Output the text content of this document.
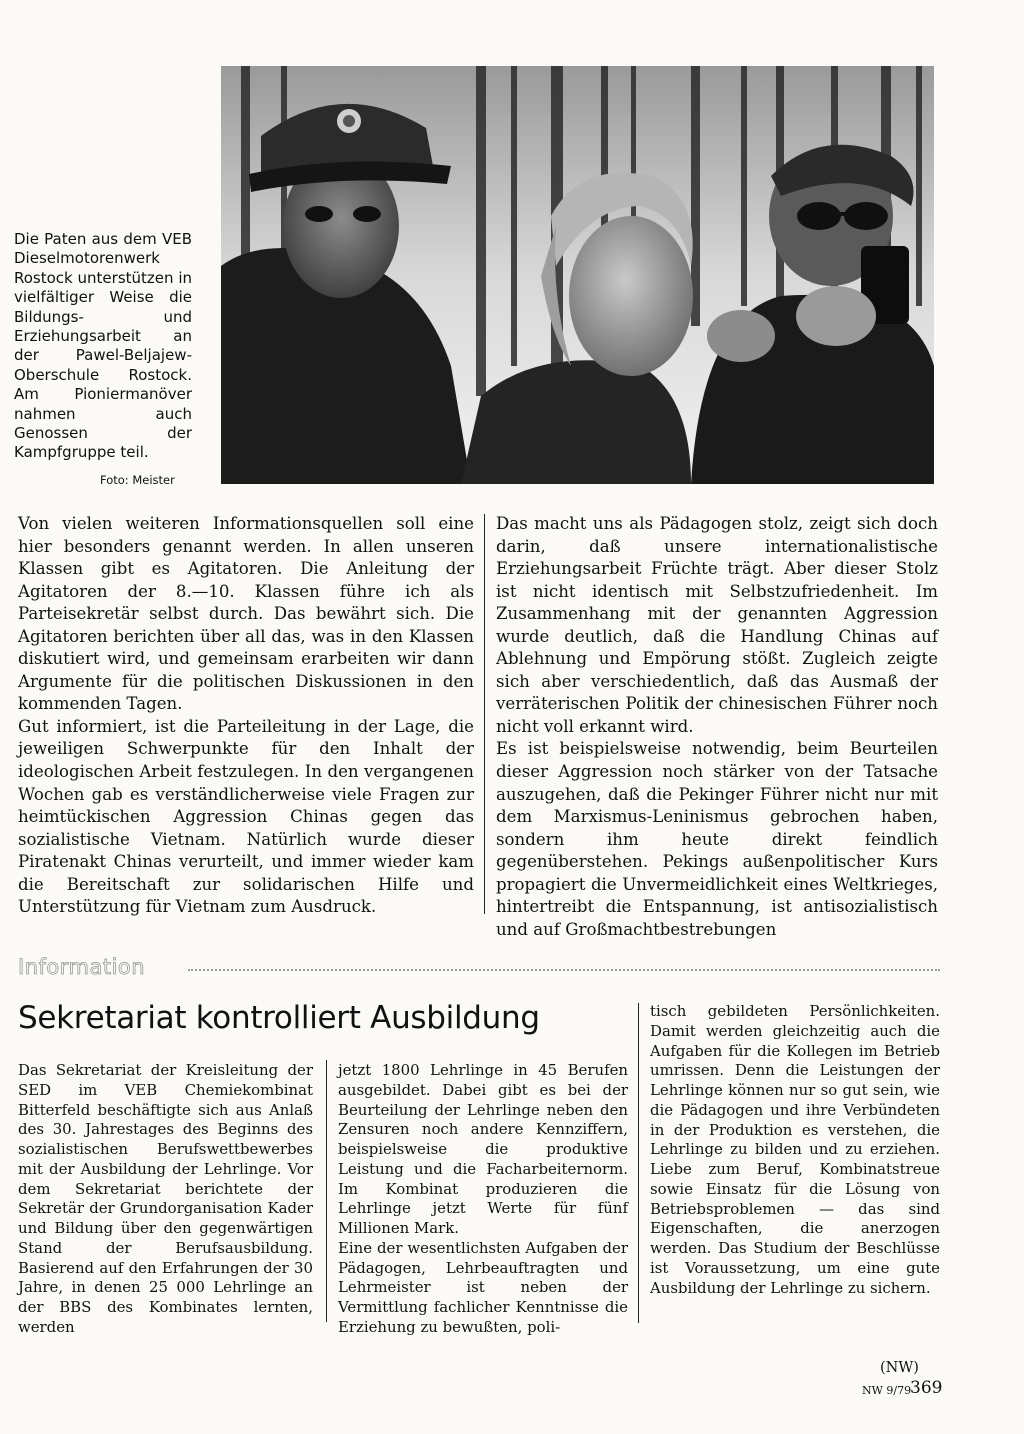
Die Paten aus dem VEB Dieselmotorenwerk Rostock unterstützen in vielfältiger Weise die Bildungs- und Erziehungsarbeit an der Pawel-Beljajew-Oberschule Rostock. Am Pioniermanöver nahmen auch Genossen der Kampfgruppe teil.
Foto: Meister

Von vielen weiteren Informationsquellen soll eine hier besonders genannt werden. In allen unseren Klassen gibt es Agitatoren. Die Anleitung der Agitatoren der 8.—10. Klassen führe ich als Parteisekretär selbst durch. Das bewährt sich. Die Agitatoren berichten über all das, was in den Klassen diskutiert wird, und gemeinsam erarbeiten wir dann Argumente für die politischen Diskussionen in den kommenden Tagen.

Gut informiert, ist die Parteileitung in der Lage, die jeweiligen Schwerpunkte für den Inhalt der ideologischen Arbeit festzulegen. In den vergangenen Wochen gab es verständlicherweise viele Fragen zur heimtückischen Aggression Chinas gegen das sozialistische Vietnam. Natürlich wurde dieser Piratenakt Chinas verurteilt, und immer wieder kam die Bereitschaft zur solidarischen Hilfe und Unterstützung für Vietnam zum Ausdruck.

Das macht uns als Pädagogen stolz, zeigt sich doch darin, daß unsere internationalistische Erziehungsarbeit Früchte trägt. Aber dieser Stolz ist nicht identisch mit Selbstzufriedenheit. Im Zusammenhang mit der genannten Aggression wurde deutlich, daß die Handlung Chinas auf Ablehnung und Empörung stößt. Zugleich zeigte sich aber verschiedentlich, daß das Ausmaß der verräterischen Politik der chinesischen Führer noch nicht voll erkannt wird.

Es ist beispielsweise notwendig, beim Beurteilen dieser Aggression noch stärker von der Tatsache auszugehen, daß die Pekinger Führer nicht nur mit dem Marxismus-Leninismus gebrochen haben, sondern ihm heute direkt feindlich gegenüberstehen. Pekings außenpolitischer Kurs propagiert die Unvermeidlichkeit eines Weltkrieges, hintertreibt die Entspannung, ist antisozialistisch und auf Großmachtbestrebungen

Information
Sekretariat kontrolliert Ausbildung

Das Sekretariat der Kreisleitung der SED im VEB Chemiekombinat Bitterfeld beschäftigte sich aus Anlaß des 30. Jahrestages des Beginns des sozialistischen Berufswettbewerbes mit der Ausbildung der Lehrlinge. Vor dem Sekretariat berichtete der Sekretär der Grundorganisation Kader und Bildung über den gegenwärtigen Stand der Berufsausbildung. Basierend auf den Erfahrungen der 30 Jahre, in denen 25 000 Lehrlinge an der BBS des Kombinates lernten, werden

jetzt 1800 Lehrlinge in 45 Berufen ausgebildet. Dabei gibt es bei der Beurteilung der Lehrlinge neben den Zensuren noch andere Kennziffern, beispielsweise die produktive Leistung und die Facharbeiternorm. Im Kombinat produzieren die Lehrlinge jetzt Werte für fünf Millionen Mark.

Eine der wesentlichsten Aufgaben der Pädagogen, Lehrbeauftragten und Lehrmeister ist neben der Vermittlung fachlicher Kenntnisse die Erziehung zu bewußten, poli-

tisch gebildeten Persönlichkeiten. Damit werden gleichzeitig auch die Aufgaben für die Kollegen im Betrieb umrissen. Denn die Leistungen der Lehrlinge können nur so gut sein, wie die Pädagogen und ihre Verbündeten in der Produktion es verstehen, die Lehrlinge zu bilden und zu erziehen. Liebe zum Beruf, Kombinatstreue sowie Einsatz für die Lösung von Betriebsproblemen — das sind Eigenschaften, die anerzogen werden. Das Studium der Beschlüsse ist Voraussetzung, um eine gute Ausbildung der Lehrlinge zu sichern.

(NW)
NW 9/79
369
